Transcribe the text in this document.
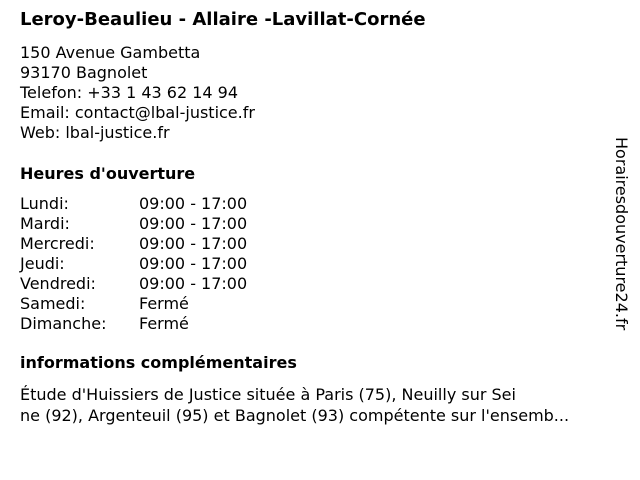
Leroy-Beaulieu - Allaire -Lavillat-Cornée
150 Avenue Gambetta
93170 Bagnolet
Telefon: +33 1 43 62 14 94
Email: contact@lbal-justice.fr
Web: lbal-justice.fr
Heures d'ouverture
Lundi:	09:00 - 17:00
Mardi:	09:00 - 17:00
Mercredi:	09:00 - 17:00
Jeudi:	09:00 - 17:00
Vendredi:	09:00 - 17:00
Samedi:	Fermé
Dimanche:	Fermé
informations complémentaires
Étude d'Huissiers de Justice située à Paris (75), Neuilly sur Sei
ne (92), Argenteuil (95) et Bagnolet (93) compétente sur l'ensemb...
Horairesdouverture24.fr
